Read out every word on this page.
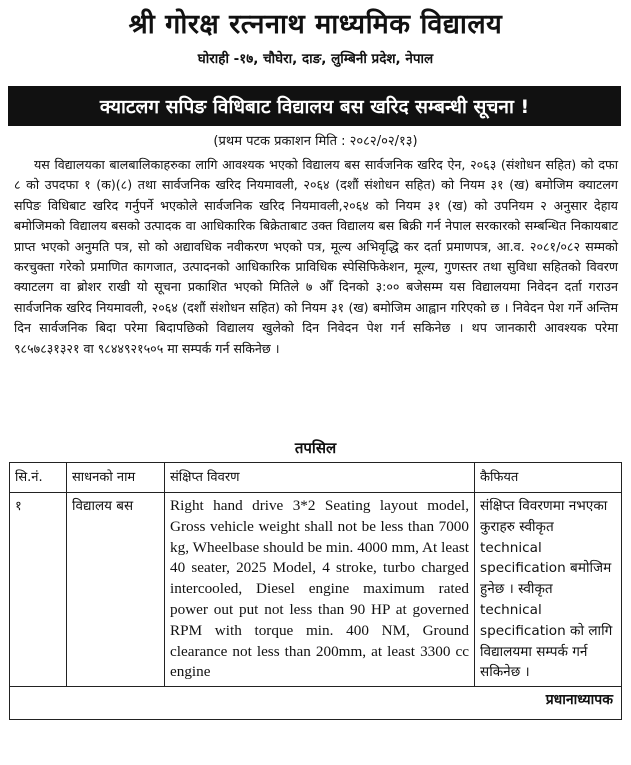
श्री गोरक्ष रत्ननाथ माध्यमिक विद्यालय
घोराही -१७, चौघेरा, दाङ, लुम्बिनी प्रदेश, नेपाल
क्याटलग सपिङ विधिबाट विद्यालय बस खरिद सम्बन्धी सूचना !
(प्रथम पटक प्रकाशन मिति : २०८२/०२/१३)
यस विद्यालयका बालबालिकाहरुका लागि आवश्यक भएको विद्यालय बस सार्वजनिक खरिद ऐन, २०६३ (संशोधन सहित) को दफा ८ को उपदफा १ (क)(८) तथा सार्वजनिक खरिद नियमावली, २०६४ (दशौं संशोधन सहित) को नियम ३१ (ख) बमोजिम क्याटलग सपिङ विधिबाट खरिद गर्नुपर्ने भएकोले सार्वजनिक खरिद नियमावली,२०६४ को नियम ३१ (ख) को उपनियम २ अनुसार देहाय बमोजिमको विद्यालय बसको उत्पादक वा आधिकारिक बिक्रेताबाट उक्त विद्यालय बस बिक्री गर्न नेपाल सरकारको सम्बन्धित निकायबाट प्राप्त भएको अनुमति पत्र, सो को अद्यावधिक नवीकरण भएको पत्र, मूल्य अभिवृद्धि कर दर्ता प्रमाणपत्र, आ.व. २०८१/०८२ सम्मको करचुक्ता गरेको प्रमाणित कागजात, उत्पादनको आधिकारिक प्राविधिक स्पेसिफिकेशन, मूल्य, गुणस्तर तथा सुविधा सहितको विवरण क्याटलग वा ब्रोशर राखी यो सूचना प्रकाशित भएको मितिले ७ औँ दिनको ३:०० बजेसम्म यस विद्यालयमा निवेदन दर्ता गराउन सार्वजनिक खरिद नियमावली, २०६४ (दशौं संशोधन सहित) को नियम ३१ (ख) बमोजिम आह्वान गरिएको छ । निवेदन पेश गर्ने अन्तिम दिन सार्वजनिक बिदा परेमा बिदापछिको विद्यालय खुलेको दिन निवेदन पेश गर्न सकिनेछ । थप जानकारी आवश्यक परेमा ९८५७८३१३२१ वा ९८४४९२१५०५ मा सम्पर्क गर्न सकिनेछ ।
तपसिल
सि.नं.	साधनको नाम	संक्षिप्त विवरण	कैफियत
१	विद्यालय बस	Right hand drive 3*2 Seating layout model, Gross vehicle weight shall not be less than 7000 kg, Wheelbase should be min. 4000 mm, At least 40 seater, 2025 Model, 4 stroke, turbo charged intercooled, Diesel engine maximum rated power out put not less than 90 HP at governed RPM with torque min. 400 NM, Ground clearance not less than 200mm, at least 3300 cc engine	संक्षिप्त विवरणमा नभएका कुराहरु स्वीकृत technical specification बमोजिम हुनेछ । स्वीकृत technical specification को लागि विद्यालयमा सम्पर्क गर्न सकिनेछ ।
प्रधानाध्यापक			
